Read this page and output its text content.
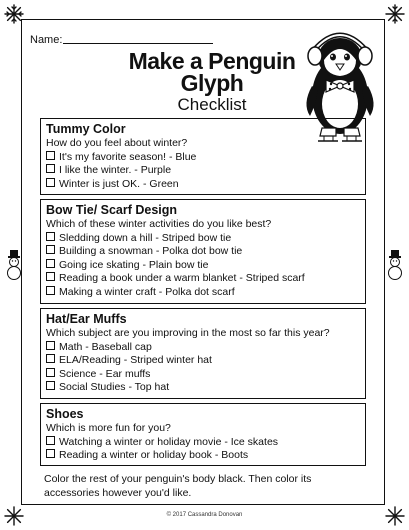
Name:
Make a Penguin
Glyph
Checklist
Tummy Color
How do you feel about winter?
It's my favorite season! - Blue
I like the winter. - Purple
Winter is just OK. - Green
Bow Tie/ Scarf Design
Which of these winter activities do you like best?
Sledding down a hill - Striped bow tie
Building a snowman - Polka dot bow tie
Going ice skating - Plain bow tie
Reading a book under a warm blanket - Striped scarf
Making a winter craft - Polka dot scarf
Hat/Ear Muffs
Which subject are you improving in the most so far this year?
Math - Baseball cap
ELA/Reading - Striped winter hat
Science - Ear muffs
Social Studies - Top hat
Shoes
Which is more fun for you?
Watching a winter or holiday movie - Ice skates
Reading a winter or holiday book - Boots
Color the rest of your penguin's body black. Then color its accessories however you'd like.
© 2017 Cassandra Donovan
